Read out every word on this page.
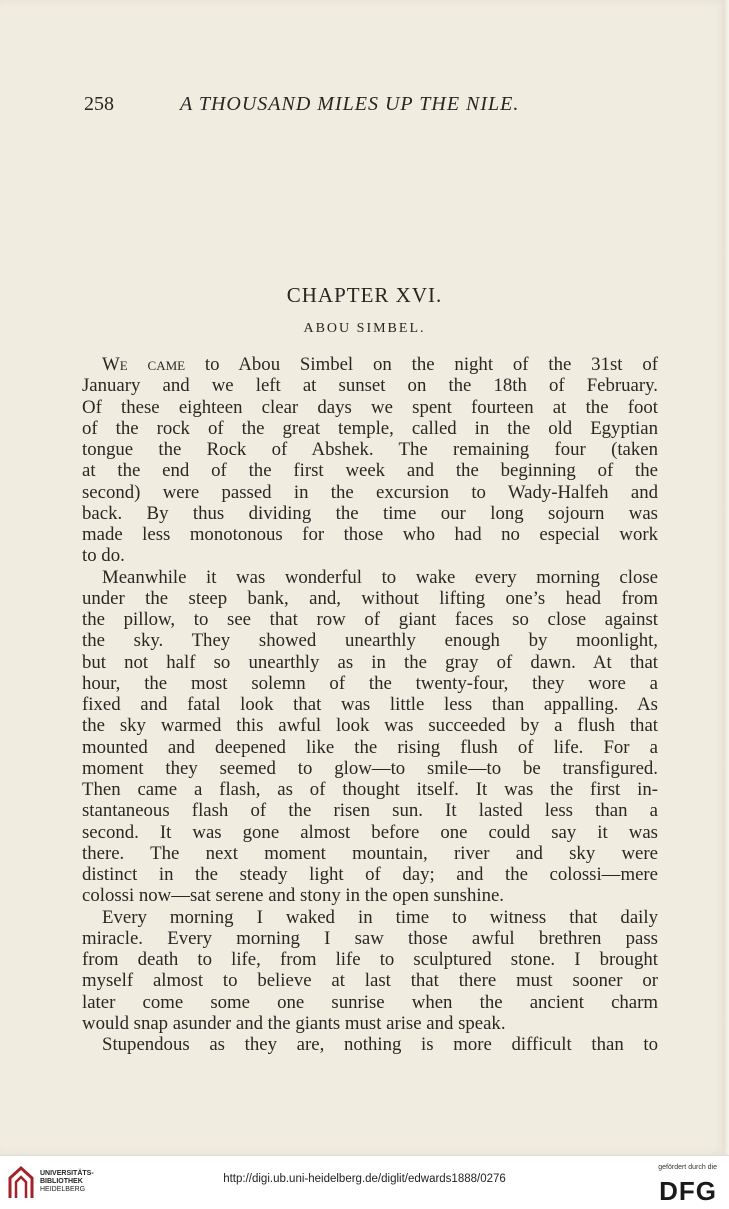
258	A THOUSAND MILES UP THE NILE.
CHAPTER XVI.
ABOU SIMBEL.
We came to Abou Simbel on the night of the 31st of
January and we left at sunset on the 18th of February.
Of these eighteen clear days we spent fourteen at the foot
of the rock of the great temple, called in the old Egyptian
tongue the Rock of Abshek. The remaining four (taken
at the end of the first week and the beginning of the
second) were passed in the excursion to Wady-Halfeh and
back. By thus dividing the time our long sojourn was
made less monotonous for those who had no especial work
to do.
Meanwhile it was wonderful to wake every morning close
under the steep bank, and, without lifting one’s head from
the pillow, to see that row of giant faces so close against
the sky. They showed unearthly enough by moonlight,
but not half so unearthly as in the gray of dawn. At that
hour, the most solemn of the twenty-four, they wore a
fixed and fatal look that was little less than appalling. As
the sky warmed this awful look was succeeded by a flush that
mounted and deepened like the rising flush of life. For a
moment they seemed to glow—to smile—to be transfigured.
Then came a flash, as of thought itself. It was the first in-
stantaneous flash of the risen sun. It lasted less than a
second. It was gone almost before one could say it was
there. The next moment mountain, river and sky were
distinct in the steady light of day; and the colossi—mere
colossi now—sat serene and stony in the open sunshine.
Every morning I waked in time to witness that daily
miracle. Every morning I saw those awful brethren pass
from death to life, from life to sculptured stone. I brought
myself almost to believe at last that there must sooner or
later come some one sunrise when the ancient charm
would snap asunder and the giants must arise and speak.
Stupendous as they are, nothing is more difficult than to
UNIVERSITÄTS-
BIBLIOTHEK
HEIDELBERG
http://digi.ub.uni-heidelberg.de/diglit/edwards1888/0276
gefördert durch die
DFG
